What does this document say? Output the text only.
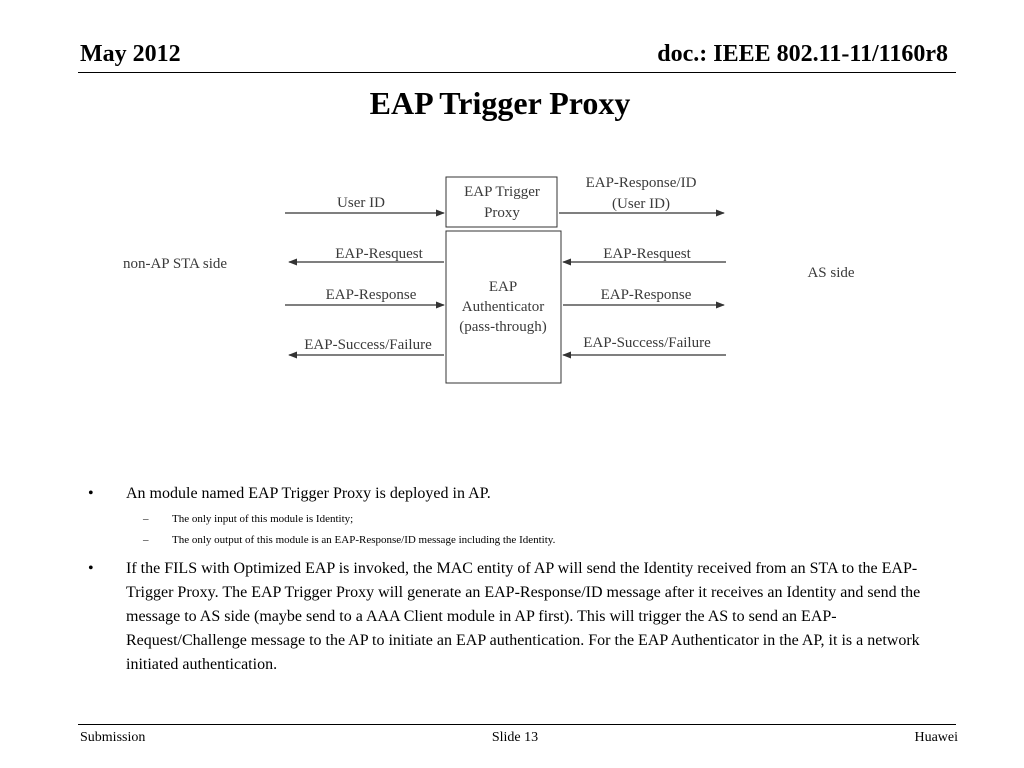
May 2012	doc.: IEEE 802.11-11/1160r8
EAP Trigger Proxy
EAP Trigger
Proxy
EAP
Authenticator
(pass-through)
non-AP STA side
AS side
User ID
EAP-Resquest
EAP-Response
EAP-Success/Failure
EAP-Response/ID
(User ID)
EAP-Resquest
EAP-Response
EAP-Success/Failure

• An module named EAP Trigger Proxy is deployed in AP.

– The only input of this module is Identity;

– The only output of this module is an EAP-Response/ID message including the Identity.

• If the FILS with Optimized EAP is invoked, the MAC entity of AP will send the Identity received from an STA to the EAP-Trigger Proxy. The EAP Trigger Proxy will generate an EAP-Response/ID message after it receives an Identity and send the message to AS side (maybe send to a AAA Client module in AP first). This will trigger the AS to send an EAP-Request/Challenge message to the AP to initiate an EAP authentication. For the EAP Authenticator in the AP, it is a network initiated authentication.

Submission	Slide 13	Huawei
